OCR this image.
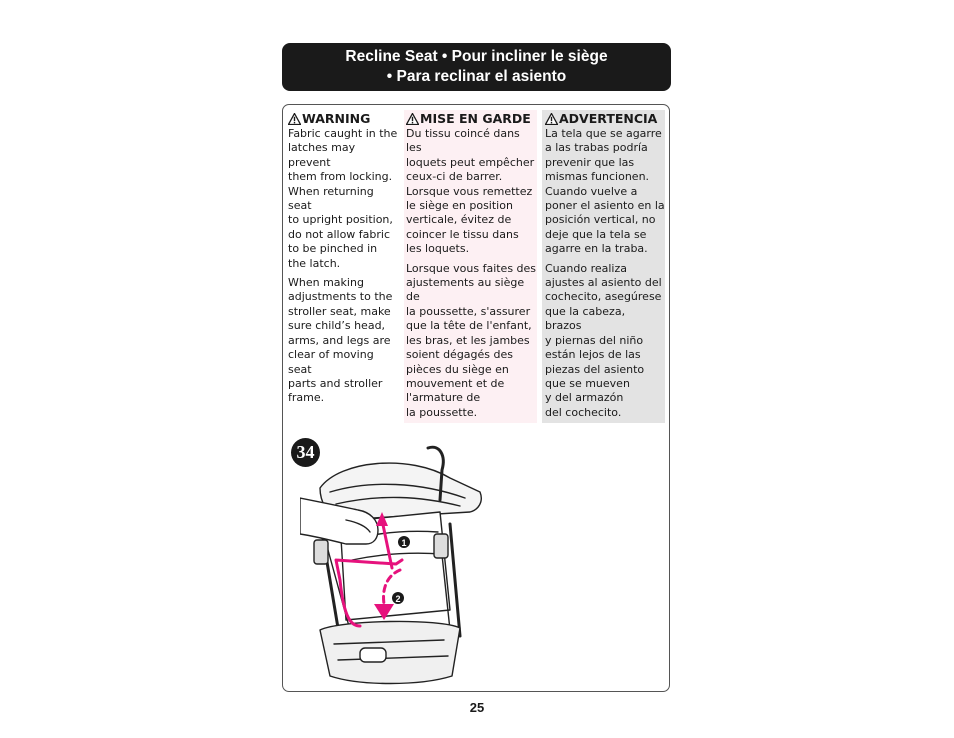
Recline Seat • Pour incliner le siège
• Para reclinar el asiento
WARNING

Fabric caught in the
latches may prevent
them from locking.
When returning seat
to upright position,
do not allow fabric
to be pinched in
the latch.

When making
adjustments to the
stroller seat, make
sure child’s head,
arms, and legs are
clear of moving seat
parts and stroller
frame.

MISE EN GARDE

Du tissu coincé dans les
loquets peut empêcher
ceux-ci de barrer.
Lorsque vous remettez
le siège en position
verticale, évitez de
coincer le tissu dans
les loquets.

Lorsque vous faites des
ajustements au siège de
la poussette, s'assurer
que la tête de l'enfant,
les bras, et les jambes
soient dégagés des
pièces du siège en
mouvement et de
l'armature de
la poussette.

ADVERTENCIA

La tela que se agarre
a las trabas podría
prevenir que las
mismas funcionen.
Cuando vuelve a
poner el asiento en la
posición vertical, no
deje que la tela se
agarre en la traba.

Cuando realiza
ajustes al asiento del
cochecito, asegúrese
que la cabeza, brazos
y piernas del niño
están lejos de las
piezas del asiento
que se mueven
y del armazón
del cochecito.

34
1
2
25
